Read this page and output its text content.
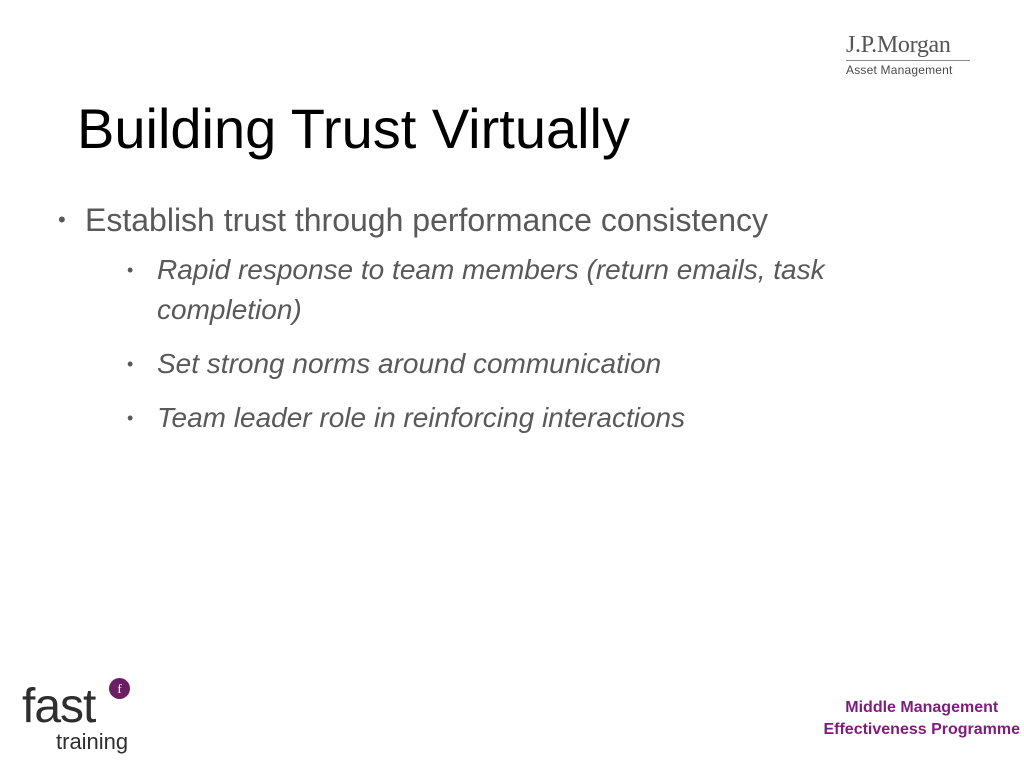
J.P.Morgan
Asset Management
Building Trust Virtually
• Establish trust through performance consistency
• Rapid response to team members (return emails, task completion)
• Set strong norms around communication
• Team leader role in reinforcing interactions
fast	f
training
Middle Management
Effectiveness Programme
